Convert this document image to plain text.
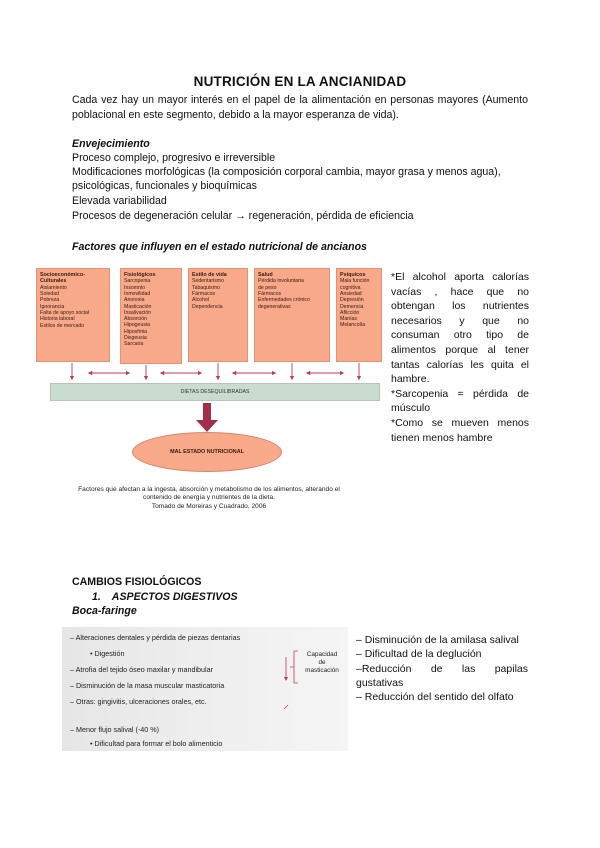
NUTRICIÓN EN LA ANCIANIDAD
Cada vez hay un mayor interés en el papel de la alimentación en personas mayores (Aumento poblacional en este segmento, debido a la mayor esperanza de vida).
Envejecimiento
Proceso complejo, progresivo e irreversible
Modificaciones morfológicas (la composición corporal cambia, mayor grasa y menos agua), psicológicas, funcionales y bioquímicas
Elevada variabilidad
Procesos de degeneración celular → regeneración, pérdida de eficiencia
Factores que influyen en el estado nutricional de ancianos
Socioeconómico-Culturales
Aislamiento
Soledad
Pobreza
Ignorancia
Falta de apoyo social
Historia laboral
Estilos de mercado
Fisiológicos
Sarcopenia
Insomnio
Inmovilidad
Anorexia
Masticación
Insalivación
Absorción
Hipogeusia
Hiposfmia
Disgeusia
Sarcaria
Estilo de vida
Sedentarismo
Tabaquismo
Fármacos
Alcohol
Dependencia
Salud
Pérdida involuntaria
de peso
Fármacos
Enfermedades crónico
degenerativas
Psíquicos
Mala función
cognitiva
Ansiedad
Depresión
Demencia
Aflicción
Manías
Melancolía
DIETAS DESEQUILIBRADAS
MAL ESTADO NUTRICIONAL
Factores que afectan a la ingesta, absorción y metabolismo de los alimentos, alterando el
contenido de energía y nutrientes de la dieta.
Tomado de Moreiras y Cuadrado, 2006
*El alcohol aporta calorías vacías , hace que no obtengan los nutrientes necesarios y que no consuman otro tipo de alimentos porque al tener tantas calorías les quita el hambre.
*Sarcopenia = pérdida de músculo
*Como se mueven menos tienen menos hambre
CAMBIOS FISIOLÓGICOS
1. ASPECTOS DIGESTIVOS
Boca-faringe
– Alteraciones dentales y pérdida de piezas dentarias
• Digestión
– Atrofia del tejido óseo maxilar y mandibular
– Disminución de la masa muscular masticatoria
– Otras: gingivitis, ulceraciones orales, etc.
– Menor flujo salival (-40 %)
• Dificultad para formar el bolo alimenticio
Capacidad
de
masticación
– Disminución de la amilasa salival
– Dificultad de la deglución
–Reducción de las papilas gustativas
– Reducción del sentido del olfato
